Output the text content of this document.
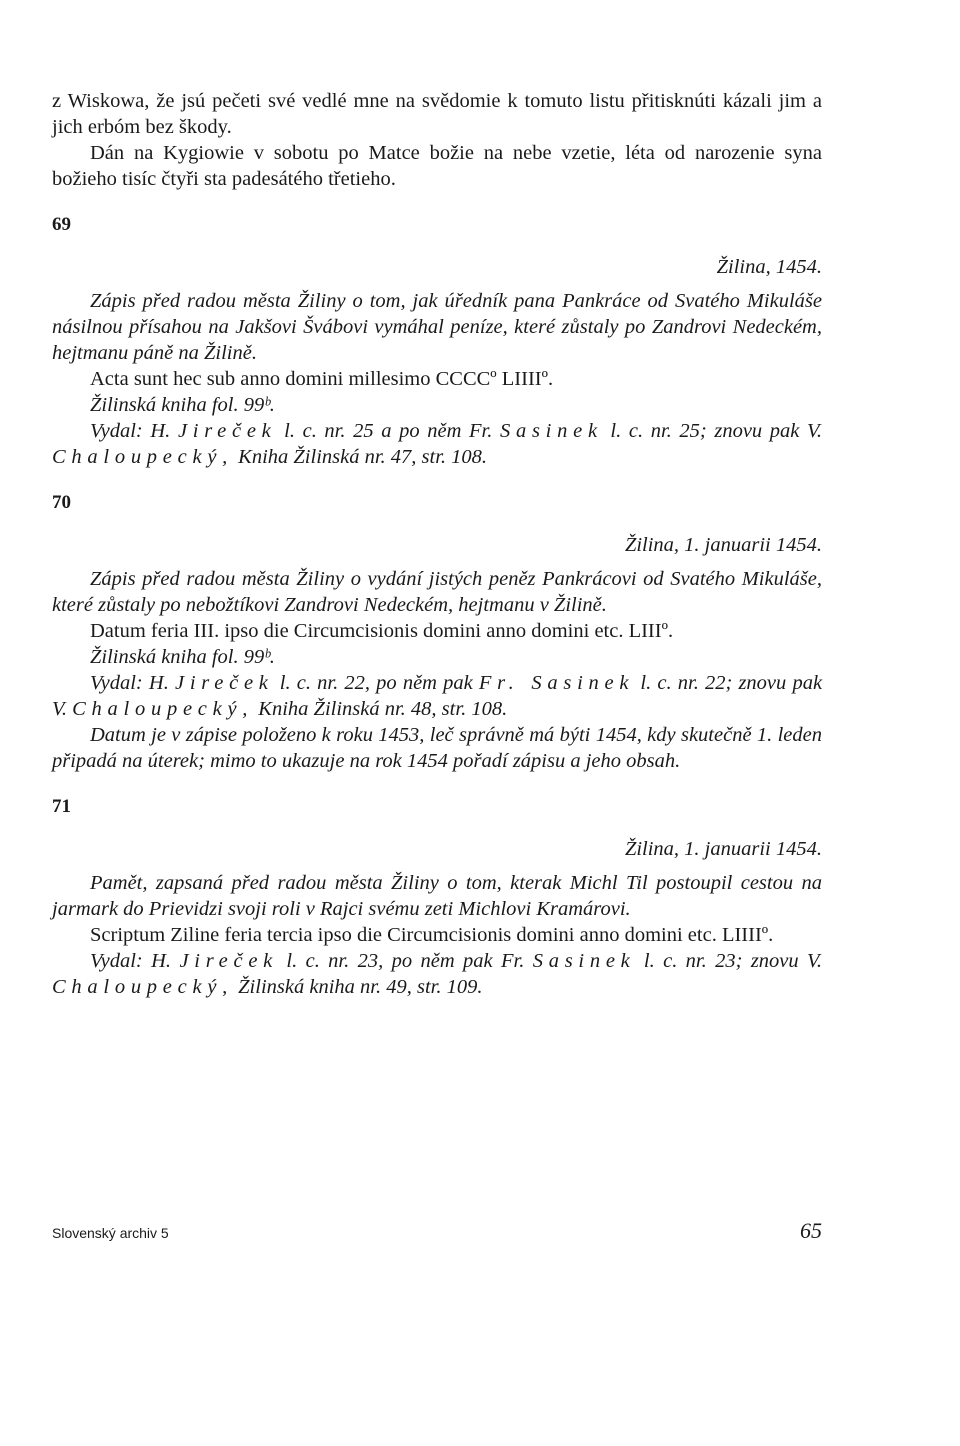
z Wiskowa, že jsú pečeti své vedlé mne na svědomie k tomuto listu přitisknúti kázali jim a jich erbóm bez škody.

Dán na Kygiowie v sobotu po Matce božie na nebe vzetie, léta od narozenie syna božieho tisíc čtyři sta padesátého třetieho.

69

Žilina, 1454.

Zápis před radou města Žiliny o tom, jak úředník pana Pankráce od Svatého Mikuláše násilnou přísahou na Jakšovi Švábovi vymáhal peníze, které zůstaly po Zandrovi Nedeckém, hejtmanu páně na Žilině.

Acta sunt hec sub anno domini millesimo CCCCº LIIIIº.

Žilinská kniha fol. 99ᵇ.

Vydal: H. Jireček l. c. nr. 25 a po něm Fr. Sasinek l. c. nr. 25; znovu pak V. Chaloupecký, Kniha Žilinská nr. 47, str. 108.

70

Žilina, 1. januarii 1454.

Zápis před radou města Žiliny o vydání jistých peněz Pankrácovi od Svatého Mikuláše, které zůstaly po nebožtíkovi Zandrovi Nedeckém, hejtmanu v Žilině.

Datum feria III. ipso die Circumcisionis domini anno domini etc. LIIIº.

Žilinská kniha fol. 99ᵇ.

Vydal: H. Jireček l. c. nr. 22, po něm pak Fr. Sasinek l. c. nr. 22; znovu pak V. Chaloupecký, Kniha Žilinská nr. 48, str. 108.

Datum je v zápise položeno k roku 1453, leč správně má býti 1454, kdy skutečně 1. leden připadá na úterek; mimo to ukazuje na rok 1454 pořadí zápisu a jeho obsah.

71

Žilina, 1. januarii 1454.

Pamět, zapsaná před radou města Žiliny o tom, kterak Michl Til postoupil cestou na jarmark do Prievidzi svoji roli v Rajci svému zeti Michlovi Kramárovi.

Scriptum Ziline feria tercia ipso die Circumcisionis domini anno domini etc. LIIIIº.

Vydal: H. Jireček l. c. nr. 23, po něm pak Fr. Sasinek l. c. nr. 23; znovu V. Chaloupecký, Žilinská kniha nr. 49, str. 109.

Slovenský archiv 5	65
